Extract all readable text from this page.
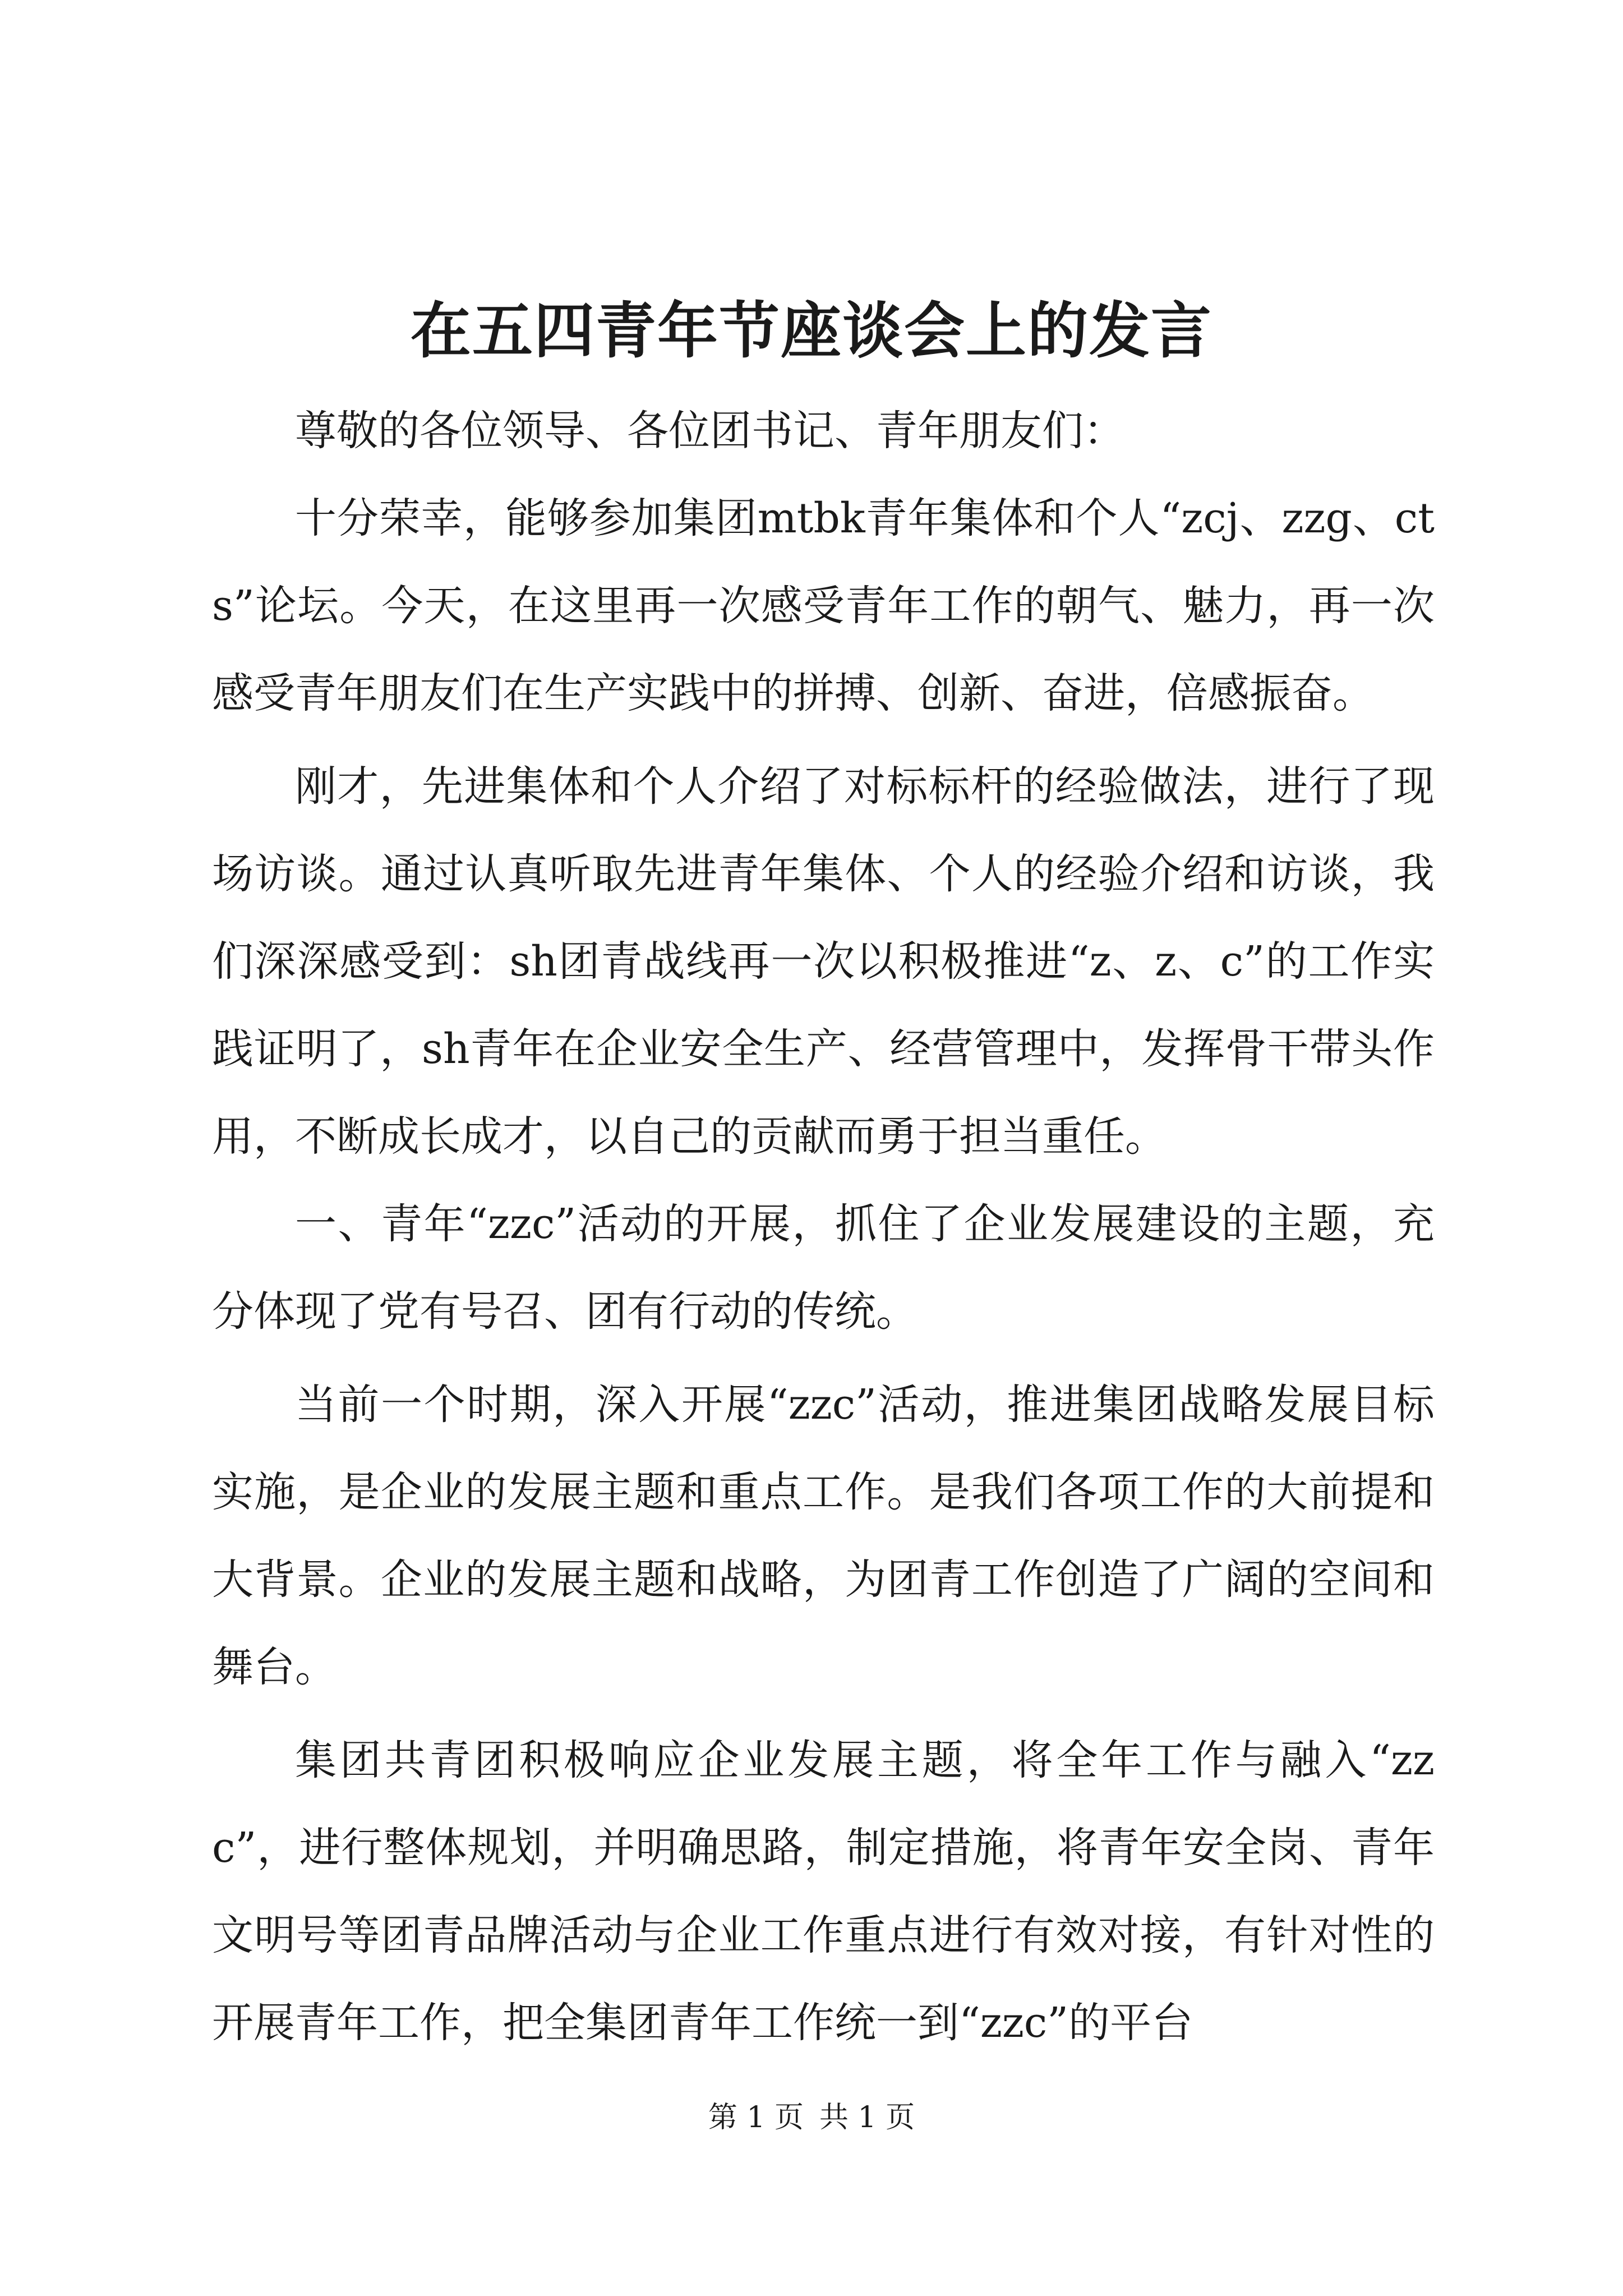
在五四青年节座谈会上的发言

尊敬的各位领导、各位团书记、青年朋友们：

十分荣幸，能够参加集团mtbk青年集体和个人“zcj、zzg、cts”论坛。今天，在这里再一次感受青年工作的朝气、魅力，再一次感受青年朋友们在生产实践中的拼搏、创新、奋进，倍感振奋。

刚才，先进集体和个人介绍了对标标杆的经验做法，进行了现场访谈。通过认真听取先进青年集体、个人的经验介绍和访谈，我们深深感受到：sh团青战线再一次以积极推进“z、z、c”的工作实践证明了，sh青年在企业安全生产、经营管理中，发挥骨干带头作用，不断成长成才，以自己的贡献而勇于担当重任。

一、青年“zzc”活动的开展，抓住了企业发展建设的主题，充分体现了党有号召、团有行动的传统。

当前一个时期，深入开展“zzc”活动，推进集团战略发展目标实施，是企业的发展主题和重点工作。是我们各项工作的大前提和大背景。企业的发展主题和战略，为团青工作创造了广阔的空间和舞台。

集团共青团积极响应企业发展主题，将全年工作与融入“zzc”，进行整体规划，并明确思路，制定措施，将青年安全岗、青年文明号等团青品牌活动与企业工作重点进行有效对接，有针对性的开展青年工作，把全集团青年工作统一到“zzc”的平台

第 1 页 共 1 页
